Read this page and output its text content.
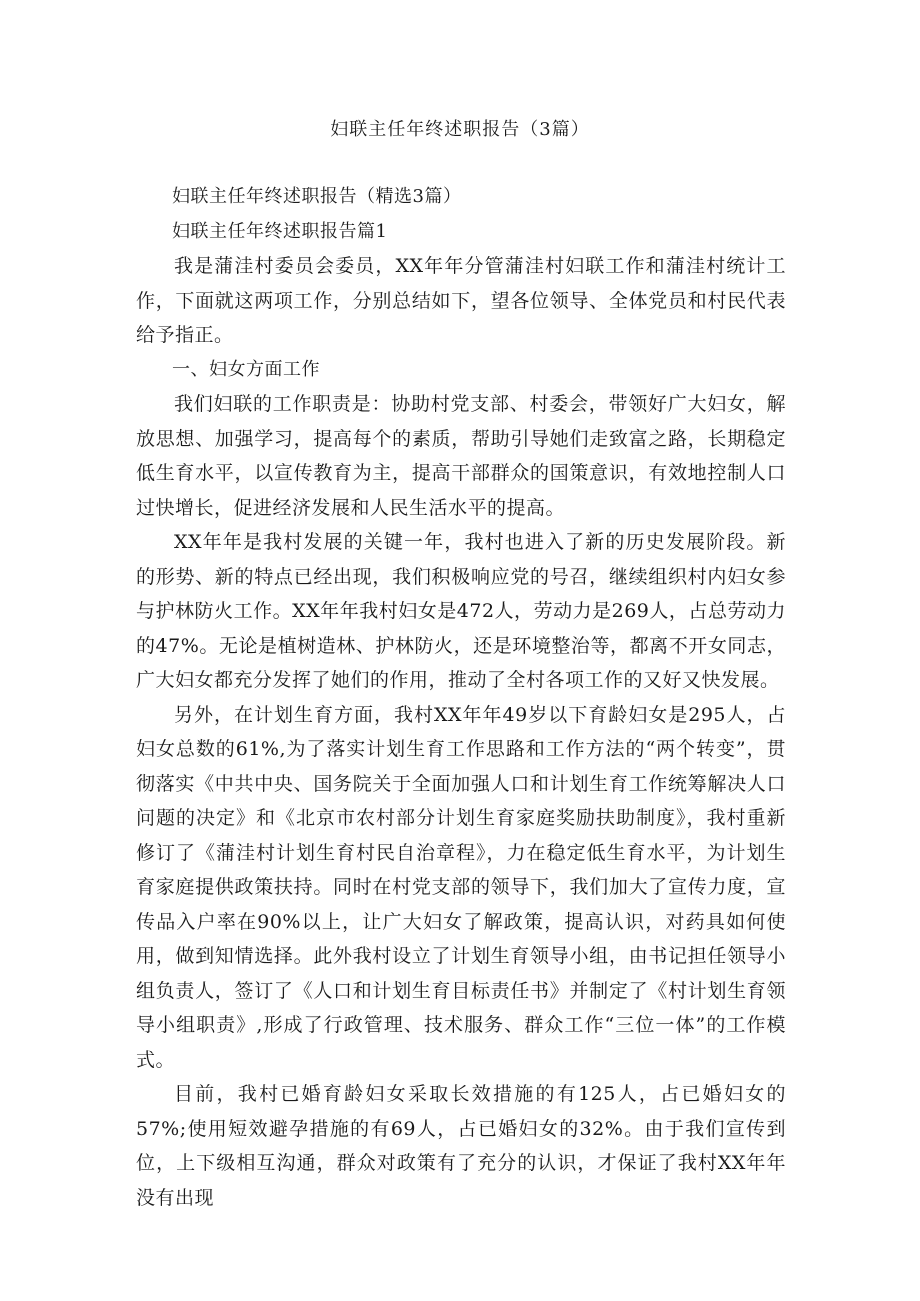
妇联主任年终述职报告（3篇）

妇联主任年终述职报告（精选3篇）

妇联主任年终述职报告篇1

我是蒲洼村委员会委员，XX年年分管蒲洼村妇联工作和蒲洼村统计工作，下面就这两项工作，分别总结如下，望各位领导、全体党员和村民代表给予指正。

一、妇女方面工作

我们妇联的工作职责是：协助村党支部、村委会，带领好广大妇女，解放思想、加强学习，提高每个的素质，帮助引导她们走致富之路，长期稳定低生育水平，以宣传教育为主，提高干部群众的国策意识，有效地控制人口过快增长，促进经济发展和人民生活水平的提高。

XX年年是我村发展的关键一年，我村也进入了新的历史发展阶段。新的形势、新的特点已经出现，我们积极响应党的号召，继续组织村内妇女参与护林防火工作。XX年年我村妇女是472人，劳动力是269人，占总劳动力的47%。无论是植树造林、护林防火，还是环境整治等，都离不开女同志，广大妇女都充分发挥了她们的作用，推动了全村各项工作的又好又快发展。

另外，在计划生育方面，我村XX年年49岁以下育龄妇女是295人，占妇女总数的61%,为了落实计划生育工作思路和工作方法的“两个转变”，贯彻落实《中共中央、国务院关于全面加强人口和计划生育工作统筹解决人口问题的决定》和《北京市农村部分计划生育家庭奖励扶助制度》，我村重新修订了《蒲洼村计划生育村民自治章程》，力在稳定低生育水平，为计划生育家庭提供政策扶持。同时在村党支部的领导下，我们加大了宣传力度，宣传品入户率在90%以上，让广大妇女了解政策，提高认识，对药具如何使用，做到知情选择。此外我村设立了计划生育领导小组，由书记担任领导小组负责人，签订了《人口和计划生育目标责任书》并制定了《村计划生育领导小组职责》,形成了行政管理、技术服务、群众工作“三位一体”的工作模式。

目前，我村已婚育龄妇女采取长效措施的有125人，占已婚妇女的57%;使用短效避孕措施的有69人，占已婚妇女的32%。由于我们宣传到位，上下级相互沟通，群众对政策有了充分的认识，才保证了我村XX年年没有出现
